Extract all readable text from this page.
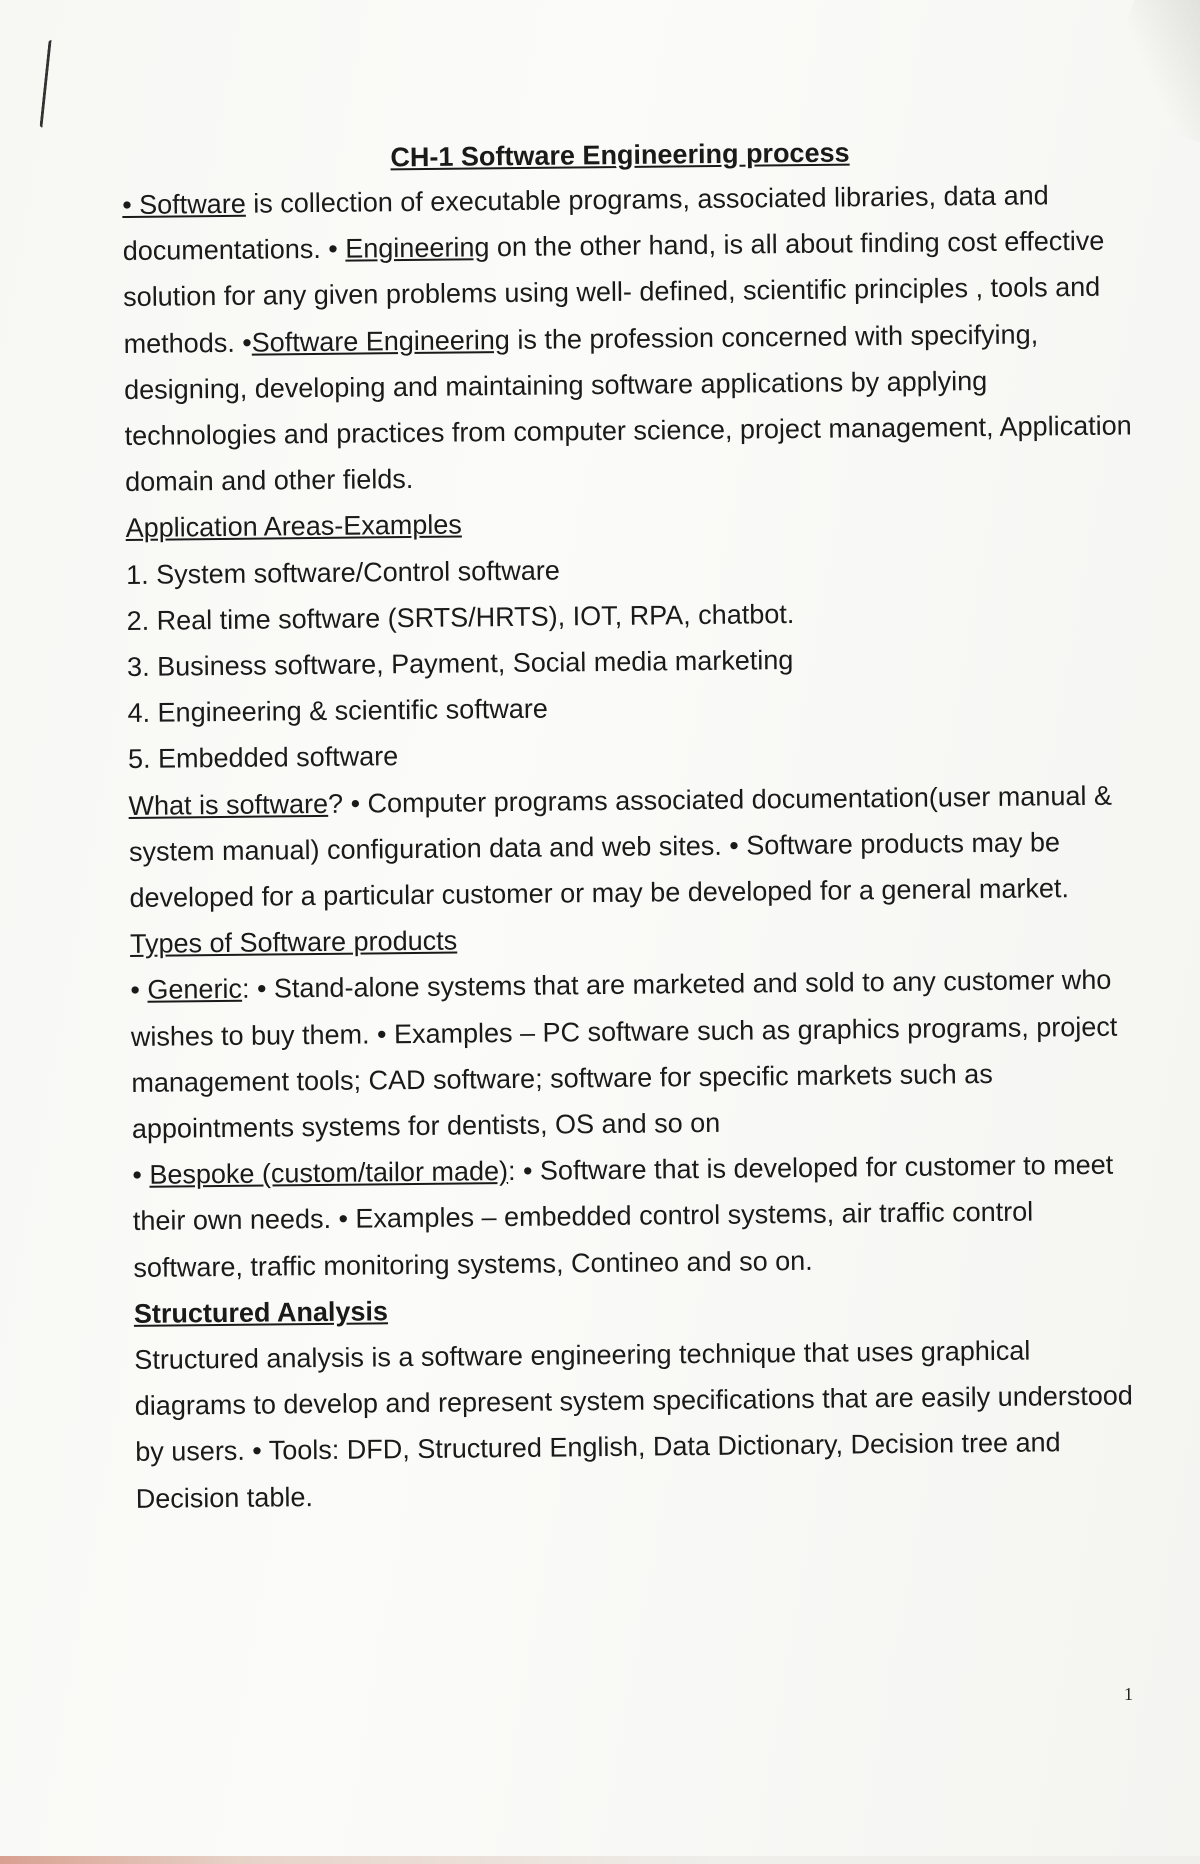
CH-1 Software Engineering process

• Software is collection of executable programs, associated libraries, data and documentations. • Engineering on the other hand, is all about finding cost effective solution for any given problems using well- defined, scientific principles , tools and methods. •Software Engineering is the profession concerned with specifying, designing, developing and maintaining software applications by applying technologies and practices from computer science, project management, Application domain and other fields.

Application Areas-Examples

1. System software/Control software
2. Real time software (SRTS/HRTS), IOT, RPA, chatbot.
3. Business software, Payment, Social media marketing
4. Engineering & scientific software
5. Embedded software

What is software? • Computer programs associated documentation(user manual & system manual) configuration data and web sites. • Software products may be developed for a particular customer or may be developed for a general market.

Types of Software products

• Generic: • Stand-alone systems that are marketed and sold to any customer who wishes to buy them. • Examples – PC software such as graphics programs, project management tools; CAD software; software for specific markets such as appointments systems for dentists, OS and so on

• Bespoke (custom/tailor made): • Software that is developed for customer to meet their own needs. • Examples – embedded control systems, air traffic control software, traffic monitoring systems, Contineo and so on.

Structured Analysis

Structured analysis is a software engineering technique that uses graphical diagrams to develop and represent system specifications that are easily understood by users. • Tools: DFD, Structured English, Data Dictionary, Decision tree and Decision table.

1
